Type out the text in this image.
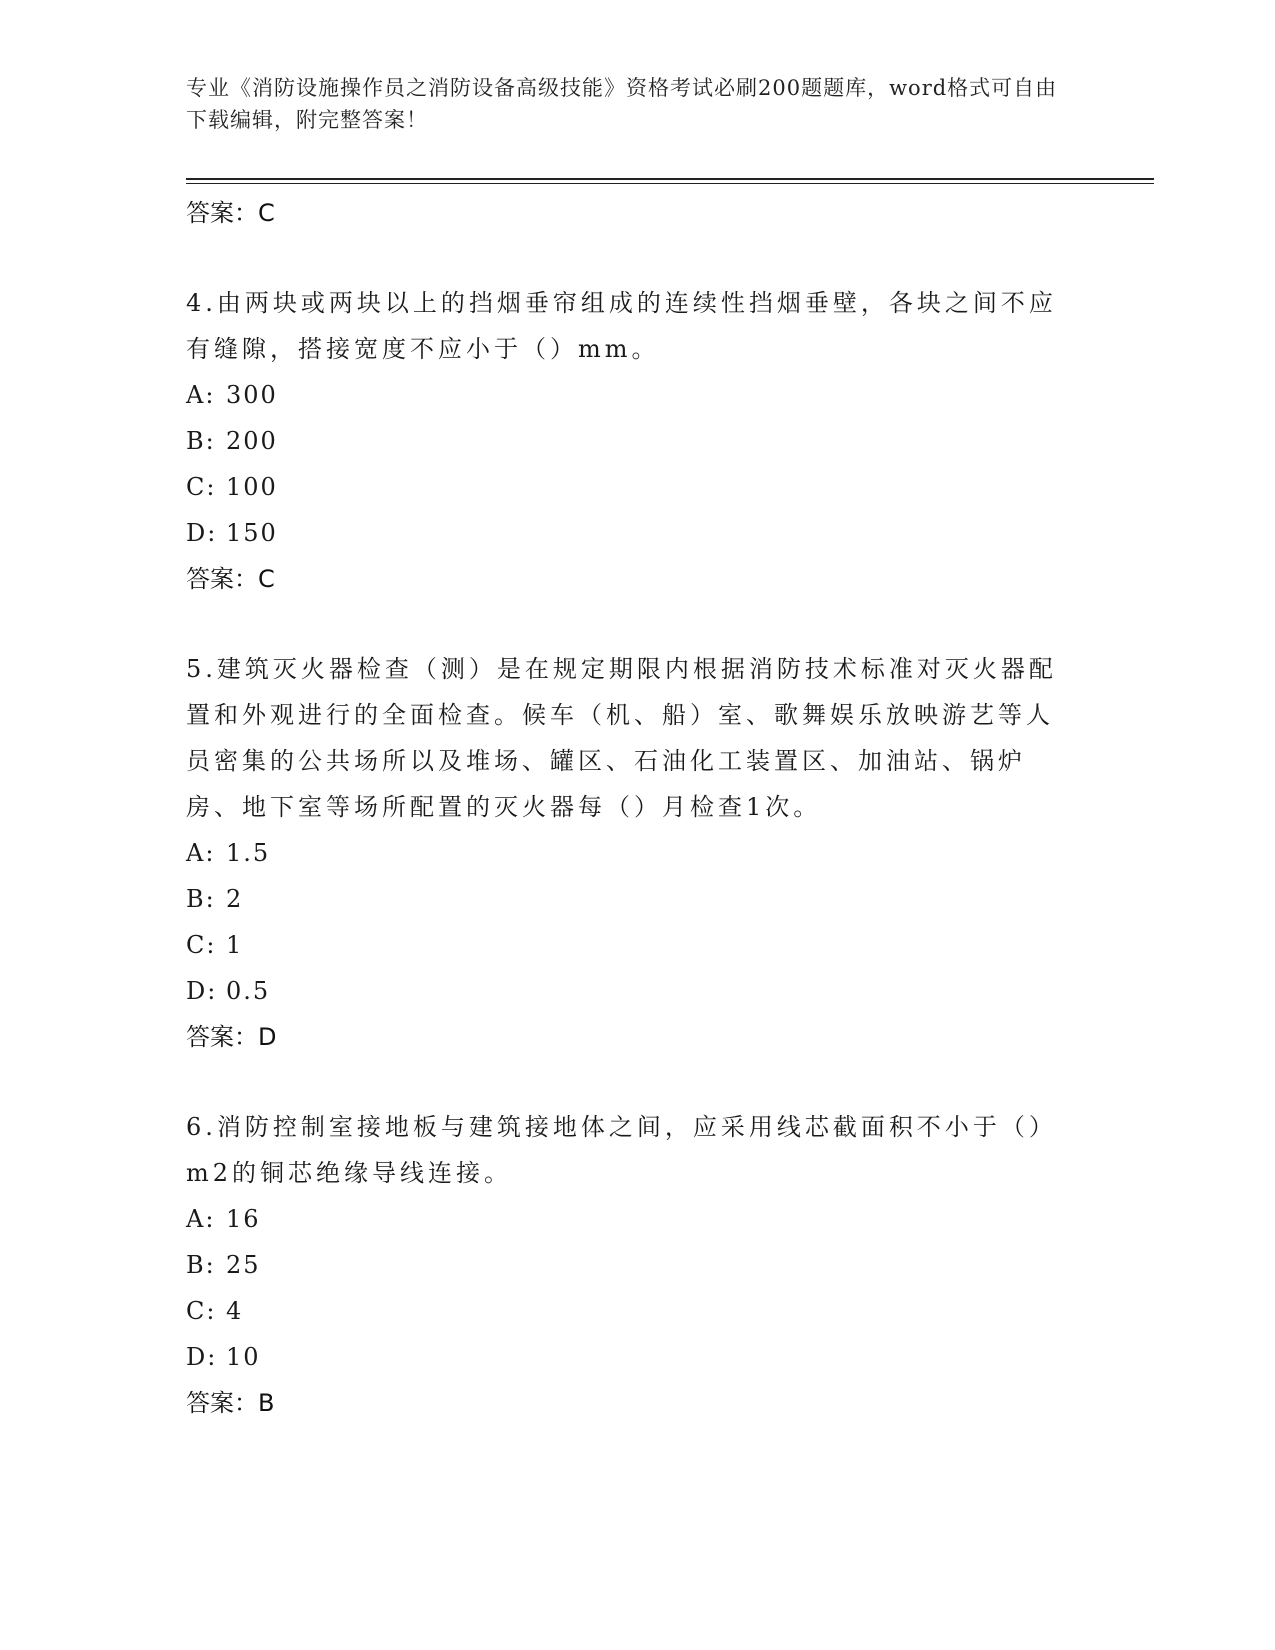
专业《消防设施操作员之消防设备高级技能》资格考试必刷200题题库，word格式可自由下载编辑，附完整答案！
答案：C
4.由两块或两块以上的挡烟垂帘组成的连续性挡烟垂壁，各块之间不应有缝隙，搭接宽度不应小于（）mm。
A: 300
B: 200
C: 100
D: 150
答案：C
5.建筑灭火器检查（测）是在规定期限内根据消防技术标准对灭火器配置和外观进行的全面检查。候车（机、船）室、歌舞娱乐放映游艺等人员密集的公共场所以及堆场、罐区、石油化工装置区、加油站、锅炉房、地下室等场所配置的灭火器每（）月检查1次。
A: 1.5
B: 2
C: 1
D: 0.5
答案：D
6.消防控制室接地板与建筑接地体之间，应采用线芯截面积不小于（）m2的铜芯绝缘导线连接。
A: 16
B: 25
C: 4
D: 10
答案：B
